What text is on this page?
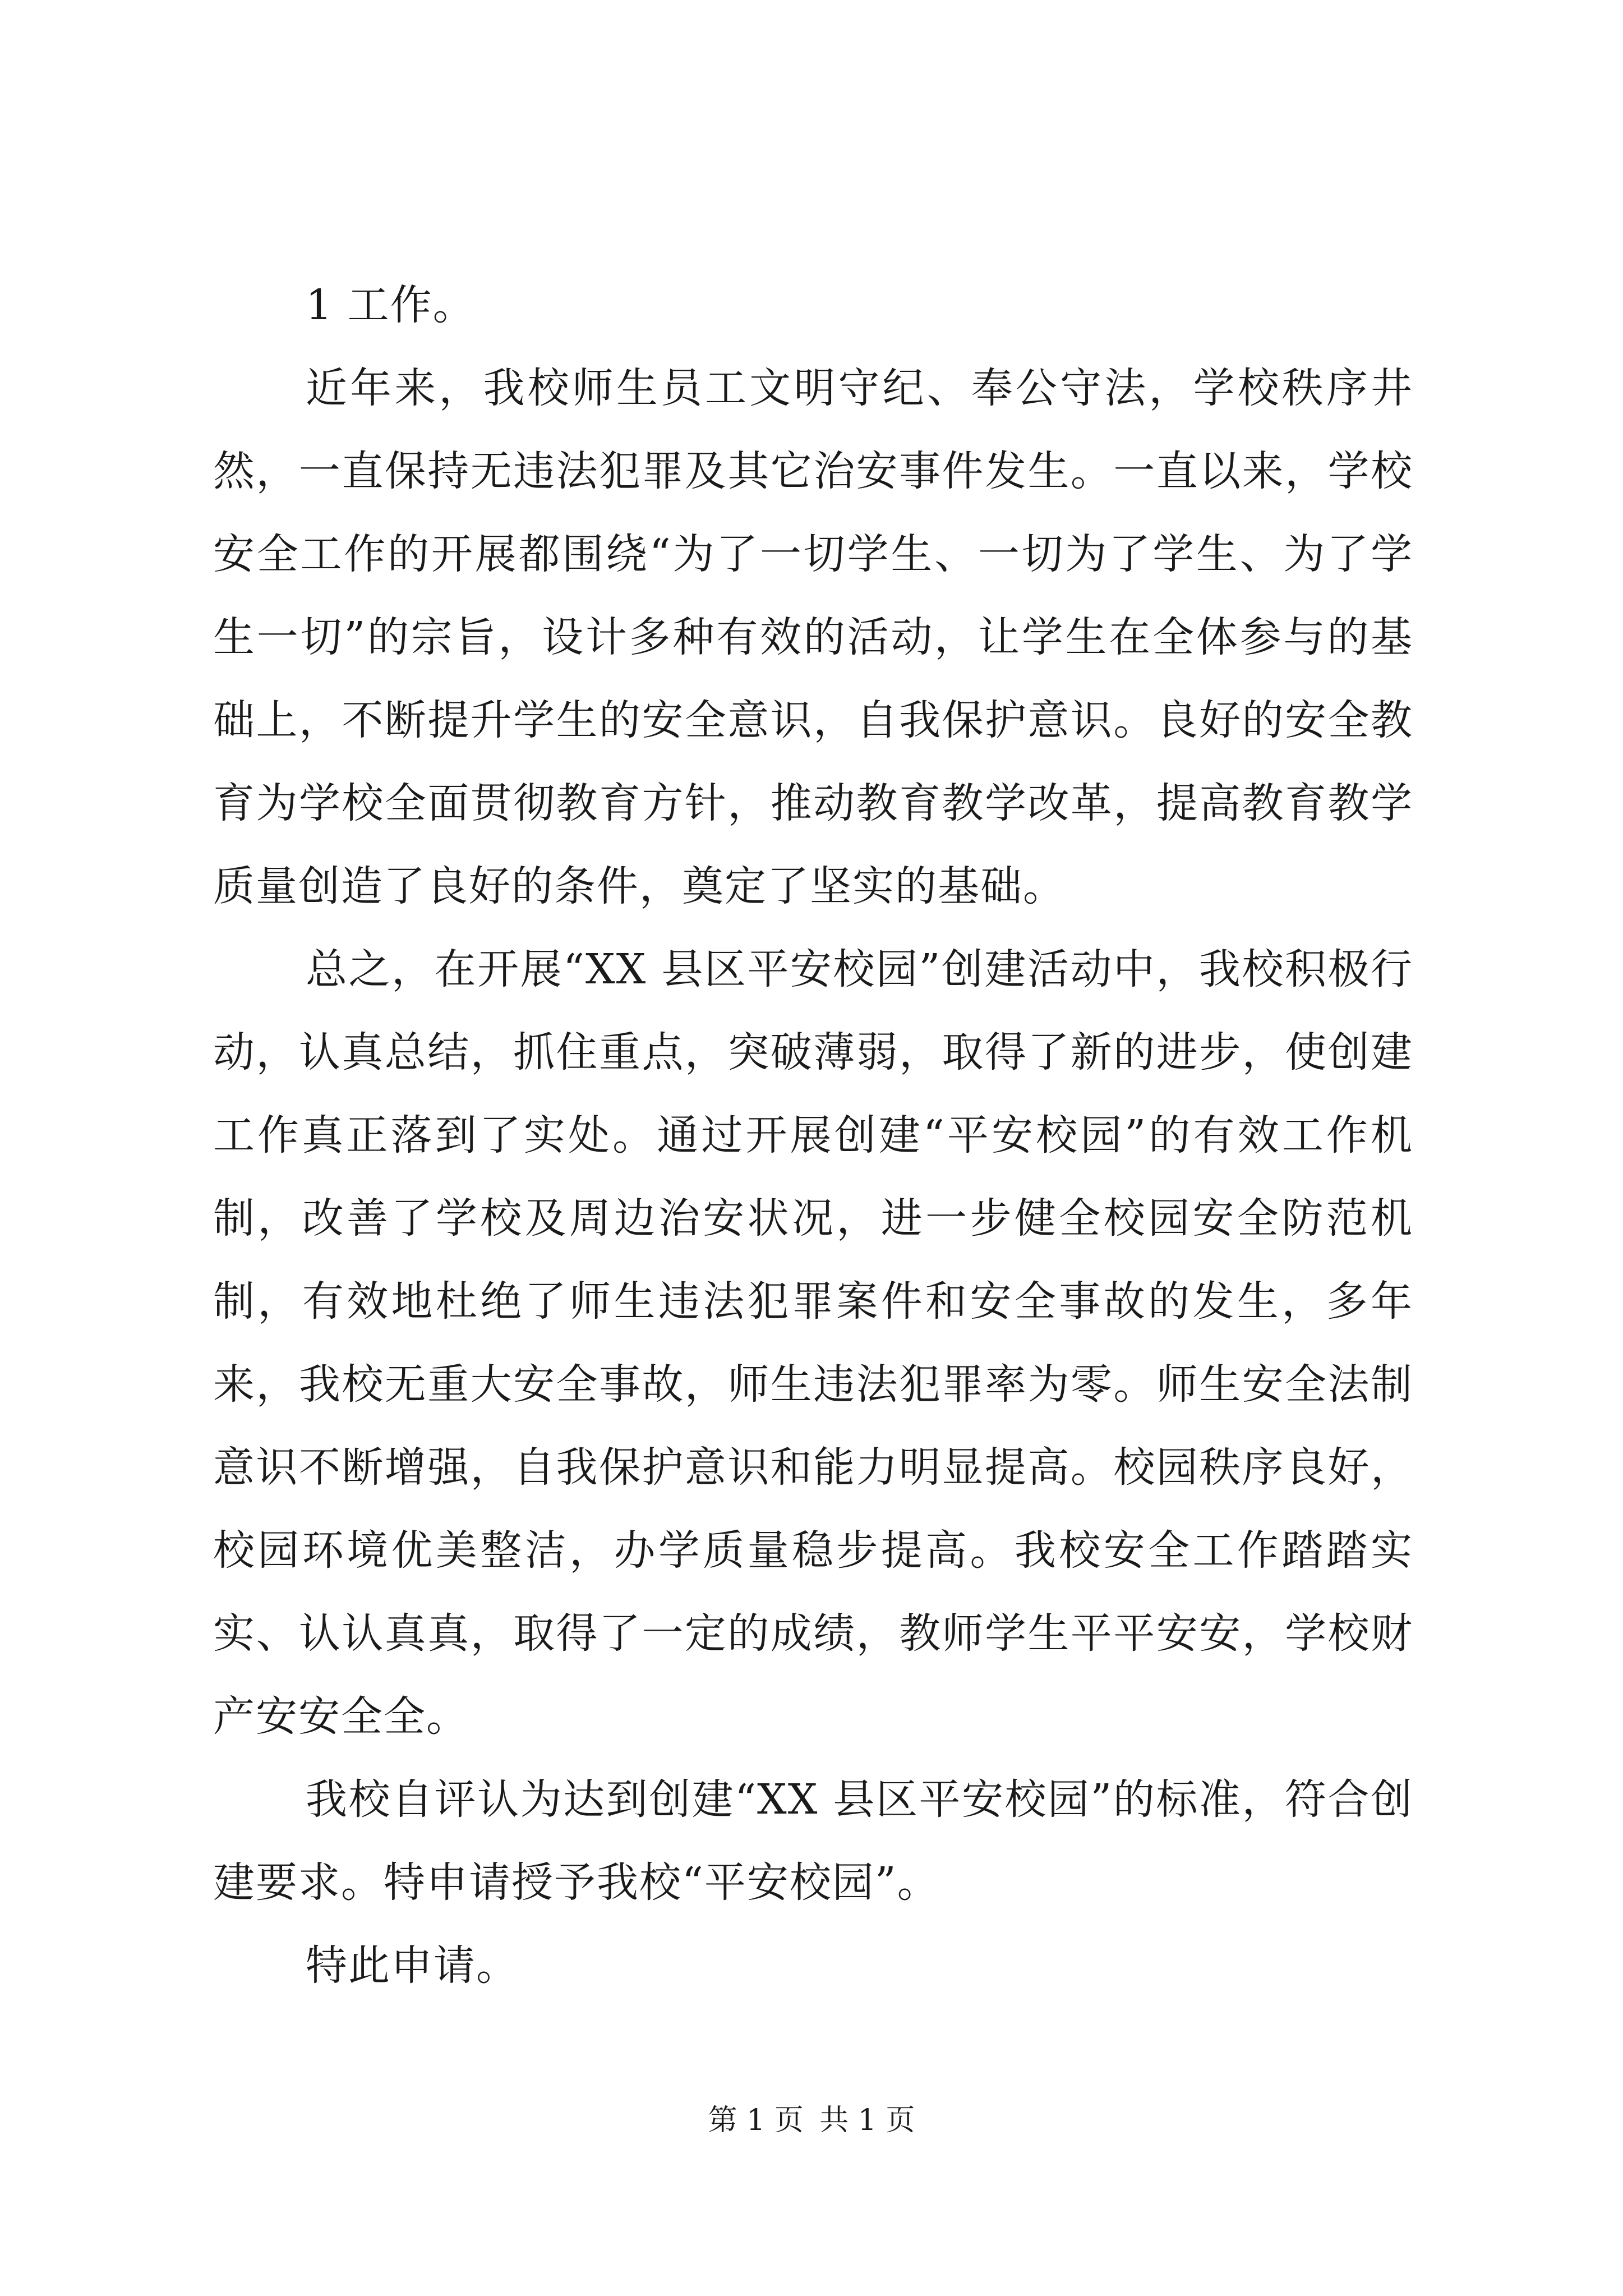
1 工作。

近年来，我校师生员工文明守纪、奉公守法，学校秩序井然，一直保持无违法犯罪及其它治安事件发生。一直以来，学校安全工作的开展都围绕“为了一切学生、一切为了学生、为了学生一切”的宗旨，设计多种有效的活动，让学生在全体参与的基础上，不断提升学生的安全意识，自我保护意识。良好的安全教育为学校全面贯彻教育方针，推动教育教学改革，提高教育教学质量创造了良好的条件，奠定了坚实的基础。

总之，在开展“XX 县区平安校园”创建活动中，我校积极行动，认真总结，抓住重点，突破薄弱，取得了新的进步，使创建工作真正落到了实处。通过开展创建“平安校园”的有效工作机制，改善了学校及周边治安状况，进一步健全校园安全防范机制，有效地杜绝了师生违法犯罪案件和安全事故的发生，多年来，我校无重大安全事故，师生违法犯罪率为零。师生安全法制意识不断增强，自我保护意识和能力明显提高。校园秩序良好，校园环境优美整洁，办学质量稳步提高。我校安全工作踏踏实实、认认真真，取得了一定的成绩，教师学生平平安安，学校财产安安全全。

我校自评认为达到创建“XX 县区平安校园”的标准，符合创建要求。特申请授予我校“平安校园”。

特此申请。

第 1 页 共 1 页
